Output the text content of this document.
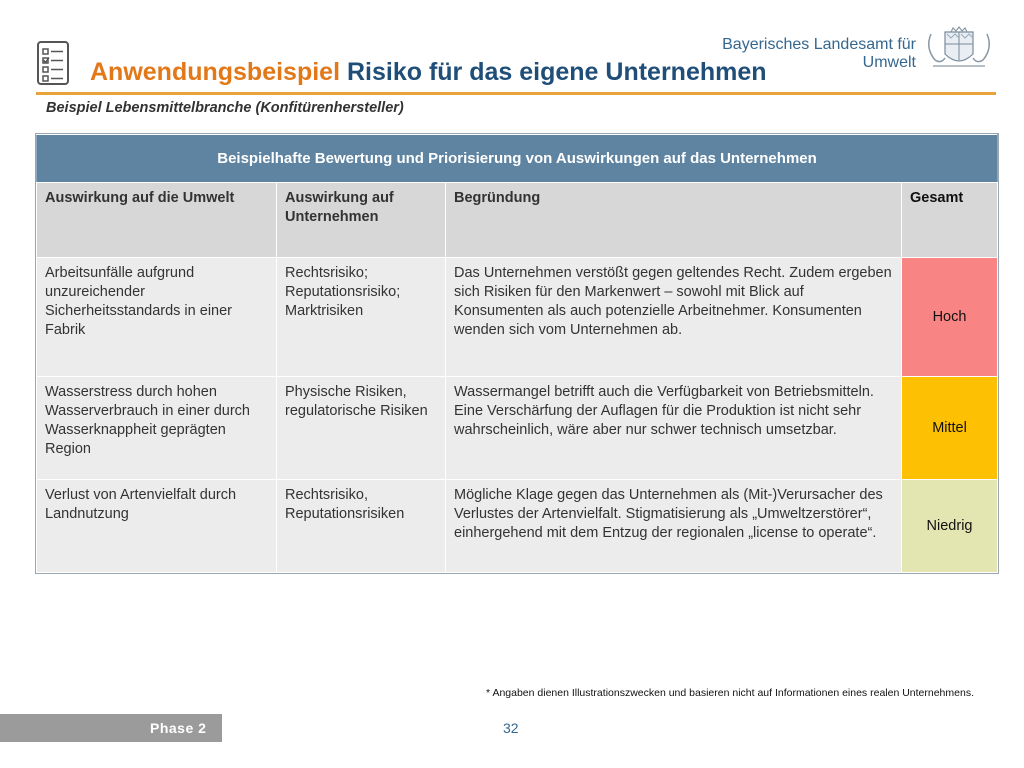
Anwendungsbeispiel Risiko für das eigene Unternehmen
Bayerisches Landesamt für
Umwelt

Beispiel Lebensmittelbranche (Konfitürenhersteller)

Beispielhafte Bewertung und Priorisierung von Auswirkungen auf das Unternehmen			
Auswirkung auf die Umwelt	Auswirkung auf Unternehmen	Begründung	Gesamt
Arbeitsunfälle aufgrund unzureichender Sicherheitsstandards in einer Fabrik	Rechtsrisiko; Reputationsrisiko; Marktrisiken	Das Unternehmen verstößt gegen geltendes Recht. Zudem ergeben sich Risiken für den Markenwert – sowohl mit Blick auf Konsumenten als auch potenzielle Arbeitnehmer. Konsumenten wenden sich vom Unternehmen ab.	Hoch
Wasserstress durch hohen Wasserverbrauch in einer durch Wasserknappheit geprägten Region	Physische Risiken, regulatorische Risiken	Wassermangel betrifft auch die Verfügbarkeit von Betriebsmitteln. Eine Verschärfung der Auflagen für die Produktion ist nicht sehr wahrscheinlich, wäre aber nur schwer technisch umsetzbar.	Mittel
Verlust von Artenvielfalt durch Landnutzung	Rechtsrisiko, Reputationsrisiken	Mögliche Klage gegen das Unternehmen als (Mit-)Verursacher des Verlustes der Artenvielfalt. Stigmatisierung als „Umweltzerstörer“, einhergehend mit dem Entzug der regionalen „license to operate“.	Niedrig
* Angaben dienen Illustrationszwecken und basieren nicht auf Informationen eines realen Unternehmens.
Phase 2	32
